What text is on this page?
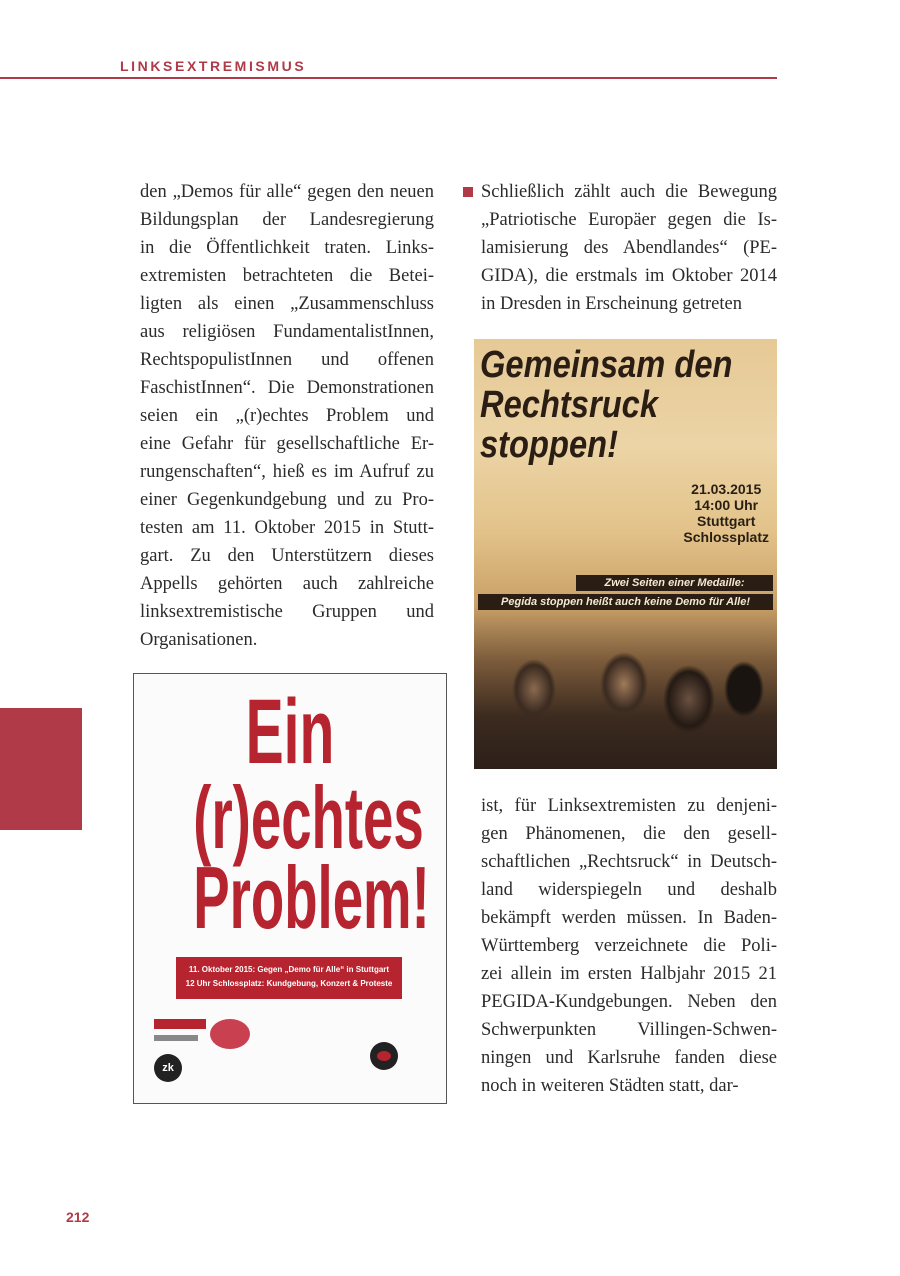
LINKSEXTREMISMUS
den „Demos für alle“ gegen den neuen
Bildungsplan der Landesregierung
in die Öffentlichkeit traten. Links-
extremisten betrachteten die Betei-
ligten als einen „Zusammenschluss
aus religiösen FundamentalistInnen,
RechtspopulistInnen und offenen
FaschistInnen“. Die Demonstrationen
seien ein „(r)echtes Problem und
eine Gefahr für gesellschaftliche Er-
rungenschaften“, hieß es im Aufruf zu
einer Gegenkundgebung und zu Pro-
testen am 11. Oktober 2015 in Stutt-
gart. Zu den Unterstützern dieses
Appells gehörten auch zahlreiche
linksextremistische Gruppen und
Organisationen.
Schließlich zählt auch die Bewegung
„Patriotische Europäer gegen die Is-
lamisierung des Abendlandes“ (PE-
GIDA), die erstmals im Oktober 2014
in Dresden in Erscheinung getreten
Gemeinsam den
Rechtsruck
stoppen!
21.03.2015
14:00 Uhr
Stuttgart
Schlossplatz
Zwei Seiten einer Medaille:
Pegida stoppen heißt auch keine Demo für Alle!
ist, für Linksextremisten zu denjeni-
gen Phänomenen, die den gesell-
schaftlichen „Rechtsruck“ in Deutsch-
land widerspiegeln und deshalb
bekämpft werden müssen. In Baden-
Württemberg verzeichnete die Poli-
zei allein im ersten Halbjahr 2015 21
PEGIDA-Kundgebungen. Neben den
Schwerpunkten Villingen-Schwen-
ningen und Karlsruhe fanden diese
noch in weiteren Städten statt, dar-
Ein
(r)echtes
Problem!
11. Oktober 2015: Gegen „Demo für Alle“ in Stuttgart
12 Uhr Schlossplatz: Kundgebung, Konzert & Proteste
zk
212
